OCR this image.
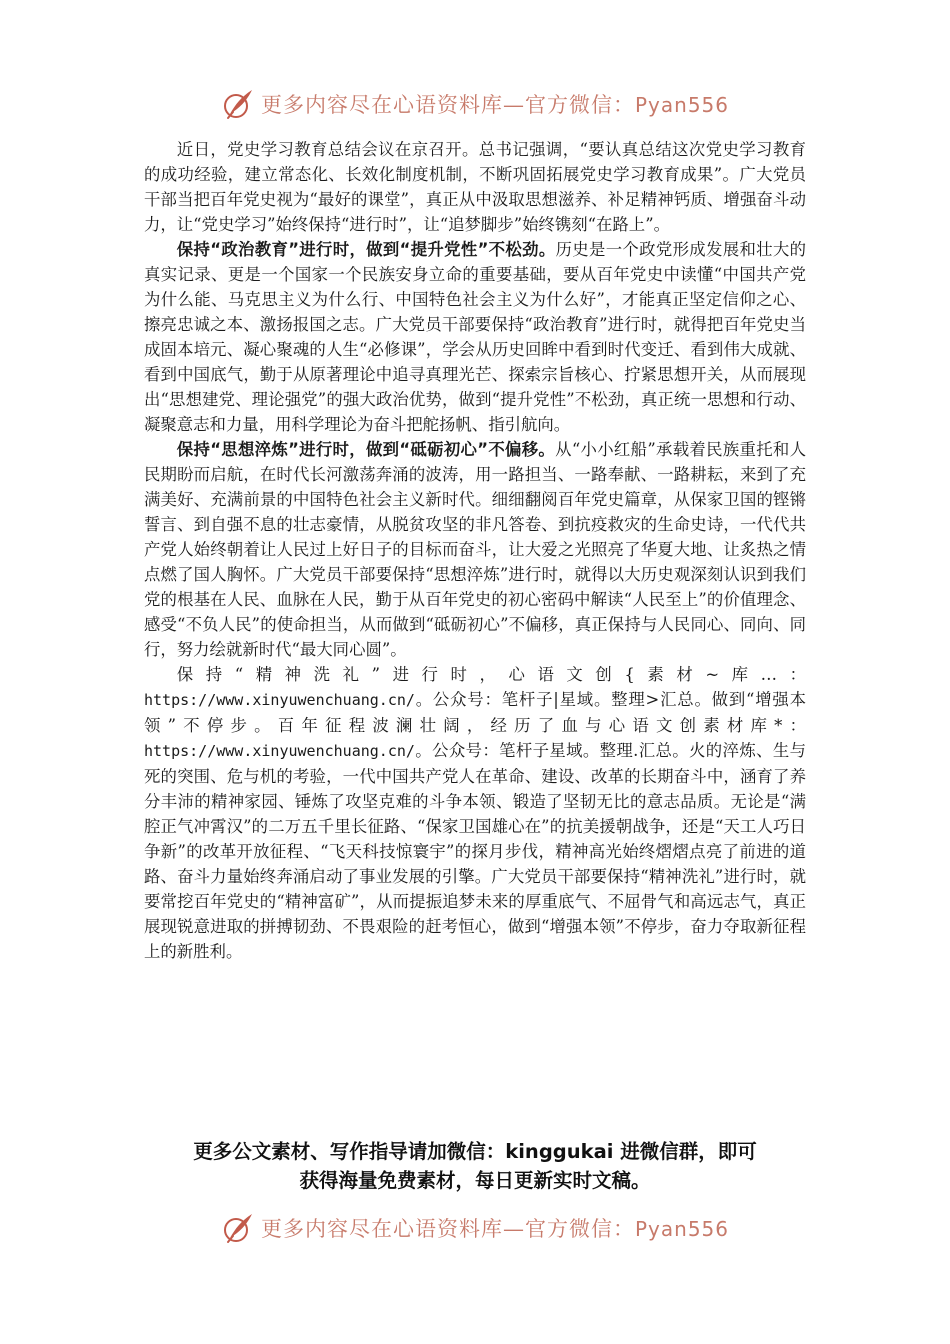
更多内容尽在心语资料库—官方微信：Pyan556

近日，党史学习教育总结会议在京召开。总书记强调，“要认真总结这次党史学习教育的成功经验，建立常态化、长效化制度机制，不断巩固拓展党史学习教育成果”。广大党员干部当把百年党史视为“最好的课堂”，真正从中汲取思想滋养、补足精神钙质、增强奋斗动力，让“党史学习”始终保持“进行时”，让“追梦脚步”始终镌刻“在路上”。

保持“政治教育”进行时，做到“提升党性”不松劲。历史是一个政党形成发展和壮大的真实记录、更是一个国家一个民族安身立命的重要基础，要从百年党史中读懂“中国共产党为什么能、马克思主义为什么行、中国特色社会主义为什么好”，才能真正坚定信仰之心、擦亮忠诚之本、激扬报国之志。广大党员干部要保持“政治教育”进行时，就得把百年党史当成固本培元、凝心聚魂的人生“必修课”，学会从历史回眸中看到时代变迁、看到伟大成就、看到中国底气，勤于从原著理论中追寻真理光芒、探索宗旨核心、拧紧思想开关，从而展现出“思想建党、理论强党”的强大政治优势，做到“提升党性”不松劲，真正统一思想和行动、凝聚意志和力量，用科学理论为奋斗把舵扬帆、指引航向。

保持“思想淬炼”进行时，做到“砥砺初心”不偏移。从“小小红船”承载着民族重托和人民期盼而启航，在时代长河激荡奔涌的波涛，用一路担当、一路奉献、一路耕耘，来到了充满美好、充满前景的中国特色社会主义新时代。细细翻阅百年党史篇章，从保家卫国的铿锵誓言、到自强不息的壮志豪情，从脱贫攻坚的非凡答卷、到抗疫救灾的生命史诗，一代代共产党人始终朝着让人民过上好日子的目标而奋斗，让大爱之光照亮了华夏大地、让炙热之情点燃了国人胸怀。广大党员干部要保持“思想淬炼”进行时，就得以大历史观深刻认识到我们党的根基在人民、血脉在人民，勤于从百年党史的初心密码中解读“人民至上”的价值理念、感受“不负人民”的使命担当，从而做到“砥砺初心”不偏移，真正保持与人民同心、同向、同行，努力绘就新时代“最大同心圆”。

保持“精神洗礼”进行时，心语文创{素材~库…：https://www.xinyuwenchuang.cn/。公众号：笔杆子|星域。整理>汇总。做到“增强本领”不停步。百年征程波澜壮阔，经历了血与心语文创素材库*：https://www.xinyuwenchuang.cn/。公众号：笔杆子星域。整理.汇总。火的淬炼、生与死的突围、危与机的考验，一代中国共产党人在革命、建设、改革的长期奋斗中，涵育了养分丰沛的精神家园、锤炼了攻坚克难的斗争本领、锻造了坚韧无比的意志品质。无论是“满腔正气冲霄汉”的二万五千里长征路、“保家卫国雄心在”的抗美援朝战争，还是“天工人巧日争新”的改革开放征程、“飞天科技惊寰宇”的探月步伐，精神高光始终熠熠点亮了前进的道路、奋斗力量始终奔涌启动了事业发展的引擎。广大党员干部要保持“精神洗礼”进行时，就要常挖百年党史的“精神富矿”，从而提振追梦未来的厚重底气、不屈骨气和高远志气，真正展现锐意进取的拼搏韧劲、不畏艰险的赶考恒心，做到“增强本领”不停步，奋力夺取新征程上的新胜利。

更多公文素材、写作指导请加微信：kinggukai 进微信群，即可
获得海量免费素材，每日更新实时文稿。
更多内容尽在心语资料库—官方微信：Pyan556
